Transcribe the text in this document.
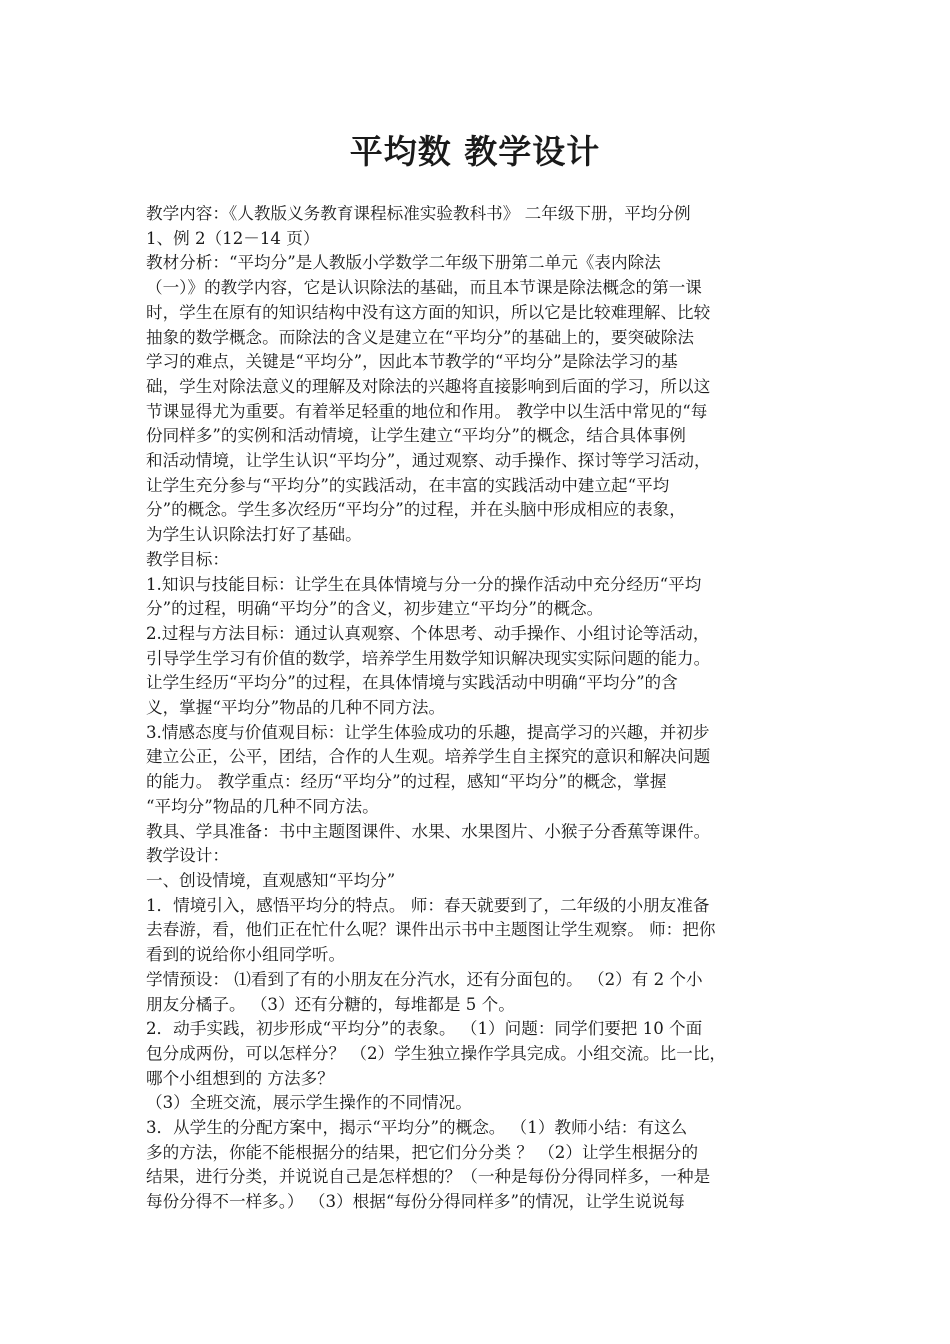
平均数 教学设计

教学内容：《人教版义务教育课程标准实验教科书》 二年级下册，平均分例

1、例 2（12－14 页）

教材分析：“平均分”是人教版小学数学二年级下册第二单元《表内除法

（一）》的教学内容，它是认识除法的基础，而且本节课是除法概念的第一课

时，学生在原有的知识结构中没有这方面的知识，所以它是比较难理解、比较

抽象的数学概念。而除法的含义是建立在“平均分”的基础上的，要突破除法

学习的难点，关键是“平均分”，因此本节教学的“平均分”是除法学习的基

础，学生对除法意义的理解及对除法的兴趣将直接影响到后面的学习，所以这

节课显得尤为重要。有着举足轻重的地位和作用。 教学中以生活中常见的“每

份同样多”的实例和活动情境，让学生建立“平均分”的概念，结合具体事例

和活动情境，让学生认识“平均分”，通过观察、动手操作、探讨等学习活动，

让学生充分参与“平均分”的实践活动，在丰富的实践活动中建立起“平均

分”的概念。学生多次经历“平均分”的过程，并在头脑中形成相应的表象，

为学生认识除法打好了基础。

教学目标：

1.知识与技能目标：让学生在具体情境与分一分的操作活动中充分经历“平均

分”的过程，明确“平均分”的含义，初步建立“平均分”的概念。

2.过程与方法目标：通过认真观察、个体思考、动手操作、小组讨论等活动，

引导学生学习有价值的数学，培养学生用数学知识解决现实实际问题的能力。

让学生经历“平均分”的过程，在具体情境与实践活动中明确“平均分”的含

义，掌握“平均分”物品的几种不同方法。

3.情感态度与价值观目标：让学生体验成功的乐趣，提高学习的兴趣，并初步

建立公正，公平，团结，合作的人生观。培养学生自主探究的意识和解决问题

的能力。 教学重点：经历“平均分”的过程，感知“平均分”的概念，掌握

“平均分”物品的几种不同方法。

教具、学具准备：书中主题图课件、水果、水果图片、小猴子分香蕉等课件。

教学设计：

一、创设情境，直观感知“平均分”

1．情境引入，感悟平均分的特点。 师：春天就要到了，二年级的小朋友准备

去春游，看，他们正在忙什么呢？课件出示书中主题图让学生观察。 师：把你

看到的说给你小组同学听。

学情预设： ⑴看到了有的小朋友在分汽水，还有分面包的。 （2）有 2 个小

朋友分橘子。 （3）还有分糖的，每堆都是 5 个。

2．动手实践，初步形成“平均分”的表象。 （1）问题：同学们要把 10 个面

包分成两份，可以怎样分？ （2）学生独立操作学具完成。小组交流。比一比，

哪个小组想到的 方法多？

（3）全班交流，展示学生操作的不同情况。

3．从学生的分配方案中，揭示“平均分”的概念。 （1）教师小结：有这么

多的方法，你能不能根据分的结果，把它们分分类 ？ （2）让学生根据分的

结果，进行分类，并说说自己是怎样想的？（一种是每份分得同样多，一种是

每份分得不一样多。） （3）根据“每份分得同样多”的情况，让学生说说每
